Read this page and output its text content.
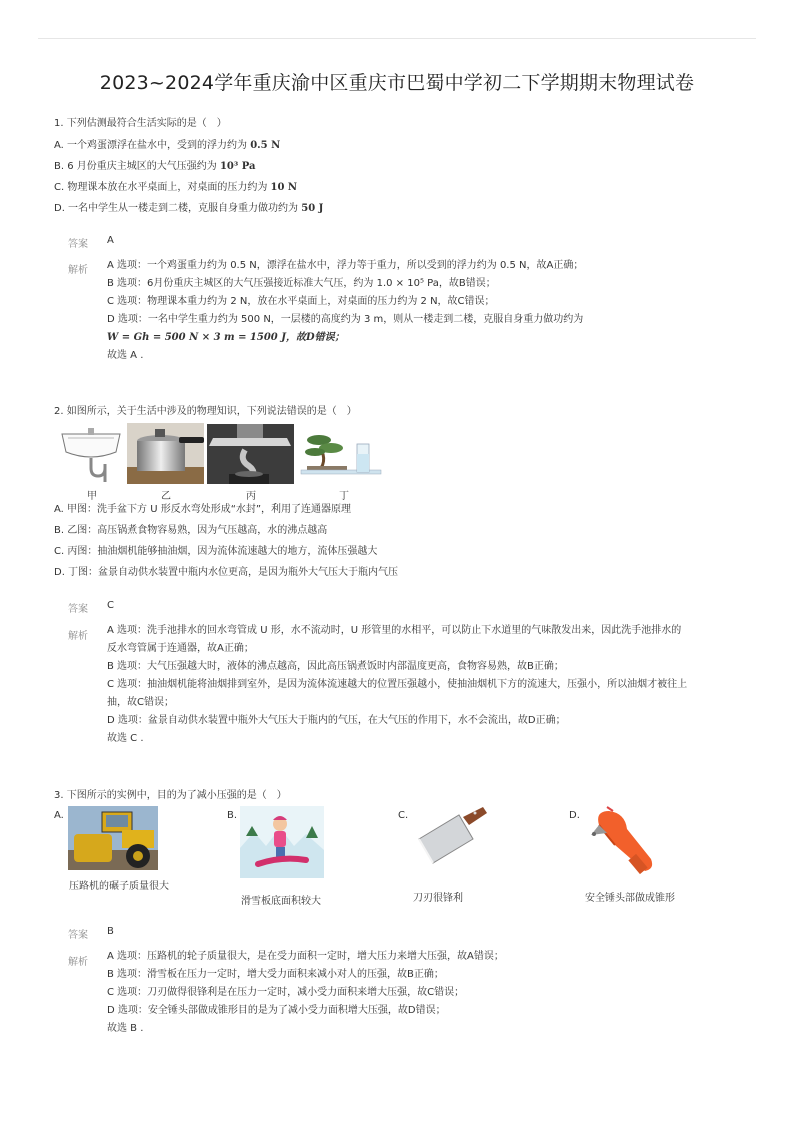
2023~2024学年重庆渝中区重庆市巴蜀中学初二下学期期末物理试卷
1. 下列估测最符合生活实际的是（　）
A. 一个鸡蛋漂浮在盐水中，受到的浮力约为 0.5 N
B. 6 月份重庆主城区的大气压强约为 10³ Pa
C. 物理课本放在水平桌面上，对桌面的压力约为 10 N
D. 一名中学生从一楼走到二楼，克服自身重力做功约为 50 J
答案 A
解析 A 选项：一个鸡蛋重力约为 0.5 N，漂浮在盐水中，浮力等于重力，所以受到的浮力约为 0.5 N，故A正确；
B 选项：6月份重庆主城区的大气压强接近标准大气压，约为 1.0 × 10⁵ Pa，故B错误；
C 选项：物理课本重力约为 2 N，放在水平桌面上，对桌面的压力约为 2 N，故C错误；
D 选项：一名中学生重力约为 500 N，一层楼的高度约为 3 m，则从一楼走到二楼，克服自身重力做功约为
W = Gh = 500 N × 3 m = 1500 J，故D错误；
故选 A .
2. 如图所示，关于生活中涉及的物理知识，下列说法错误的是（　）
甲	乙	丙	丁
A. 甲图：洗手盆下方 U 形反水弯处形成“水封”，利用了连通器原理
B. 乙图：高压锅煮食物容易熟，因为气压越高，水的沸点越高
C. 丙图：抽油烟机能够抽油烟，因为流体流速越大的地方，流体压强越大
D. 丁图：盆景自动供水装置中瓶内水位更高，是因为瓶外大气压大于瓶内气压
答案 C
解析
A 选项：洗手池排水的回水弯管成 U 形，水不流动时，U 形管里的水相平，可以防止下水道里的气味散发出来，因此洗手池排水的
反水弯管属于连通器，故A正确；
B 选项：大气压强越大时，液体的沸点越高，因此高压锅煮饭时内部温度更高，食物容易熟，故B正确；
C 选项：抽油烟机能将油烟排到室外，是因为流体流速越大的位置压强越小，使抽油烟机下方的流速大，压强小，所以油烟才被往上
抽，故C错误；
D 选项：盆景自动供水装置中瓶外大气压大于瓶内的气压，在大气压的作用下，水不会流出，故D正确；
故选 C .
3. 下图所示的实例中，目的为了减小压强的是（　）
A.
压路机的碾子质量很大
B.
滑雪板底面积较大
C.
刀刃很锋利
D.
安全锤头部做成锥形
答案 B
解析
A 选项：压路机的轮子质量很大，是在受力面积一定时，增大压力来增大压强，故A错误；
B 选项：滑雪板在压力一定时，增大受力面积来减小对人的压强，故B正确；
C 选项：刀刃做得很锋利是在压力一定时，减小受力面积来增大压强，故C错误；
D 选项：安全锤头部做成锥形目的是为了减小受力面积增大压强，故D错误；
故选 B .
